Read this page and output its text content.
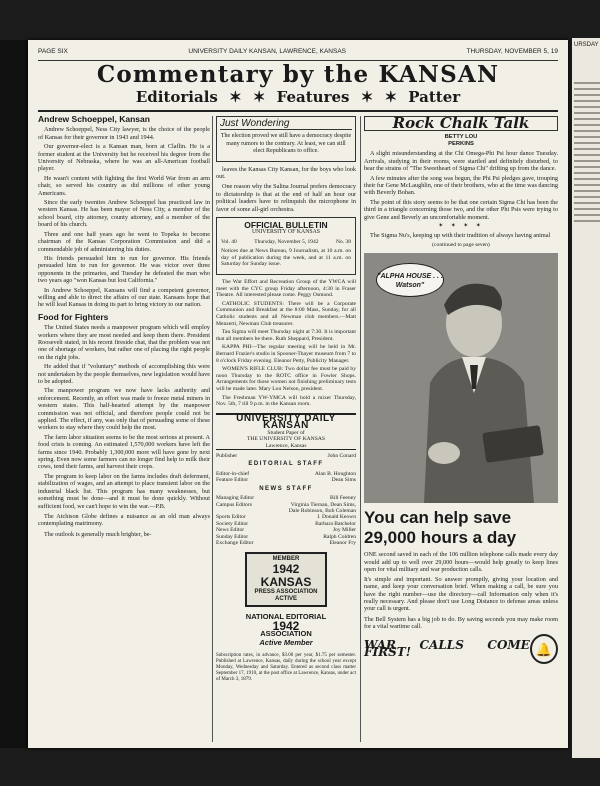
PAGE SIX	UNIVERSITY DAILY KANSAN, LAWRENCE, KANSAS	THURSDAY, NOVEMBER 5, 19
Commentary by the KANSAN
Editorials ✶ ✶ Features ✶ ✶ Patter
Andrew Schoeppel, Kansan

Andrew Schoeppel, Ness City lawyer, is the choice of the people of Kansas for their governor in 1943 and 1944.

Our governor-elect is a Kansan man, born at Claflin. He is a former student at the University but he received his degree from the University of Nebraska, where he was an all-American football player.

He wasn't content with fighting the first World War from an arm chair, so served his country as did millions of other young Americans.

Since the early twenties Andrew Schoeppel has practiced law in western Kansas. He has been mayor of Ness City, a member of the school board, city attorney, county attorney, and a member of the board of his church.

Three and one half years ago he went to Topeka to become chairman of the Kansas Corporation Commission and did a commendable job of administering his duties.

His friends persuaded him to run for governor. His friends persuaded him to run for governor. He was victor over three opponents in the primaries, and Tuesday he defeated the man who two years ago "won Kansas but lost California."

In Andrew Schoeppel, Kansans will find a competent governor, willing and able to direct the affairs of our state. Kansans hope that he will lead Kansas in doing its part to bring victory to our nation.

Food for Fighters

The United States needs a manpower program which will employ workers where they are most needed and keep them there. President Roosevelt stated, in his recent fireside chat, that the problem was not one of shortage of workers, but rather one of placing the right people on the right jobs.

He added that if "voluntary" methods of accomplishing this were not undertaken by the people themselves, new legislation would have to be adopted.

The manpower program we now have lacks authority and enforcement. Recently, an effort was made to freeze metal miners in western states. This half-hearted attempt by the manpower commission was not official, and therefore people could not be applied. The effect, if any, was only that of persuading some of these workers to stay where they could help the most.

The farm labor situation seems to be the most serious at present. A food crisis is coming. An estimated 1,570,000 workers have left the farms since 1940. Probably 1,300,000 more will have gone by next spring. Even now some farmers can no longer find help to milk their cows, tend their farms, and harvest their crops.

The program to keep labor on the farms includes draft deferment, stabilization of wages, and an attempt to place transient labor on the industrial black list. This program has many weaknesses, but something must be done—and it must be done quickly. Without sufficient food, we can't hope to win the war.—P.B.

The Atchison Globe defines a nuisance as an old man always contemplating matrimony.

The outlook is generally much brighter, be-

Just Wondering

The election proved we still have a democracy despite many rumors to the contrary. At least, we can still elect Republicans to office.

leaves the Kansas City Kansan, for the boys who look out.

One reason why the Salina Journal prefers democracy to dictatorship is that at the end of half an hour our political leaders have to relinquish the microphone in favor of some all-girl orchestra.

OFFICIAL BULLETIN
UNIVERSITY OF KANSAS
Vol. 40	Thursday, November 5, 1942	No. 38

Notices due at News Bureau, 9 Journalism, at 10 a.m. on day of publication during the week, and at 11 a.m. on Saturday for Sunday issue.

The War Effort and Recreation Group of the YWCA will meet with the CYC group Friday afternoon, 4:30 in Fraser Theatre. All interested please come. Peggy Osmond.

CATHOLIC STUDENTS: There will be a Corporate Communion and Breakfast at the 8:00 Mass, Sunday, for all Catholic students and all Newman club members.—Matt Menzerti, Newman Club treasurer.

Tau Sigma will meet Thursday night at 7:30. It is important that all members be there. Ruth Sheppard, President.

KAPPA PHI—The regular meeting will be held in Mr. Bernard Frazier's studio in Spooner-Thayer museum from 7 to 8 o'clock Friday evening. Eleanor Petty, Publicity Manager.

WOMEN'S RIFLE CLUB: Two dollar fee must be paid by noon Thursday to the ROTC office in Fowler Shops. Arrangements for those women not finishing preliminary tests will be made later. Mary Lou Nelson, president.

The Freshman YW-YMCA will hold a mixer Thursday, Nov. 5th, 7 till 9 p.m. in the Kansan room.

UNIVERSITY DAILY KANSAN
Student Paper of
THE UNIVERSITY OF KANSAS
Lawrence, Kansas
Publisher	John Conard
EDITORIAL STAFF
Editor-in-chief	Alan B. Houghton
Feature Editor	Dean Sims
NEWS STAFF
Managing Editor	Bill Feeney
Campus Editors	Virginia Tiernan, Dean Sims,
Dale Robinson, Bob Coleman
Sports Editor	J. Donald Keown
Society Editor	Barbara Batchelor
News Editor	Joy Miller
Sunday Editor	Ralph Coldren
Exchange Editor	Eleanor Fry
MEMBER
1942 KANSAS
PRESS ASSOCIATION
ACTIVE
NATIONAL EDITORIAL
1942
ASSOCIATION
Active Member
Subscription rates, in advance, $3.00 per year, $1.75 per semester. Published at Lawrence, Kansas, daily during the school year except Monday, Wednesday and Saturday. Entered as second class matter September 17, 1910, at the post office at Lawrence, Kansas, under act of March 3, 1879.
Rock Chalk Talk
BETTY LOU
PERKINS

A slight misunderstanding at the Chi Omega-Phi Psi hour dance Tuesday. Arrivals, studying in their rooms, were startled and definitely disturbed, to hear the strains of "The Sweetheart of Sigma Chi" drifting up from the dance.

A few minutes after the song was begun, the Phi Psi pledges gave, trouping their fur Gene McLaughlin, one of their brothers, who at the time was dancing with Beverly Bohan.

The point of this story seems to be that one certain Sigma Chi has been the third in a triangle concerning those two, and the other Phi Psis were trying to give Gene and Beverly an uncomfortable moment.

✶ ✶ ✶ ✶

The Sigma Nu's, keeping up with their tradition of always having animal

(continued to page seven)
"ALPHA HOUSE . . .
Watson"
You can help save
29,000 hours a day

ONE second saved in each of the 106 million telephone calls made every day would add up to well over 29,000 hours—would help greatly to keep lines open for vital military and war production calls.

It's simple and important. So answer promptly, giving your location and name, and keep your conversation brief. When making a call, be sure you have the right number—use the directory—call Information only when it's really necessary. And please don't use Long Distance to defense areas unless your call is urgent.

The Bell System has a big job to do. By saving seconds you may make room for a vital wartime call.

WAR CALLS COME FIRST!	🔔
URSDAY
